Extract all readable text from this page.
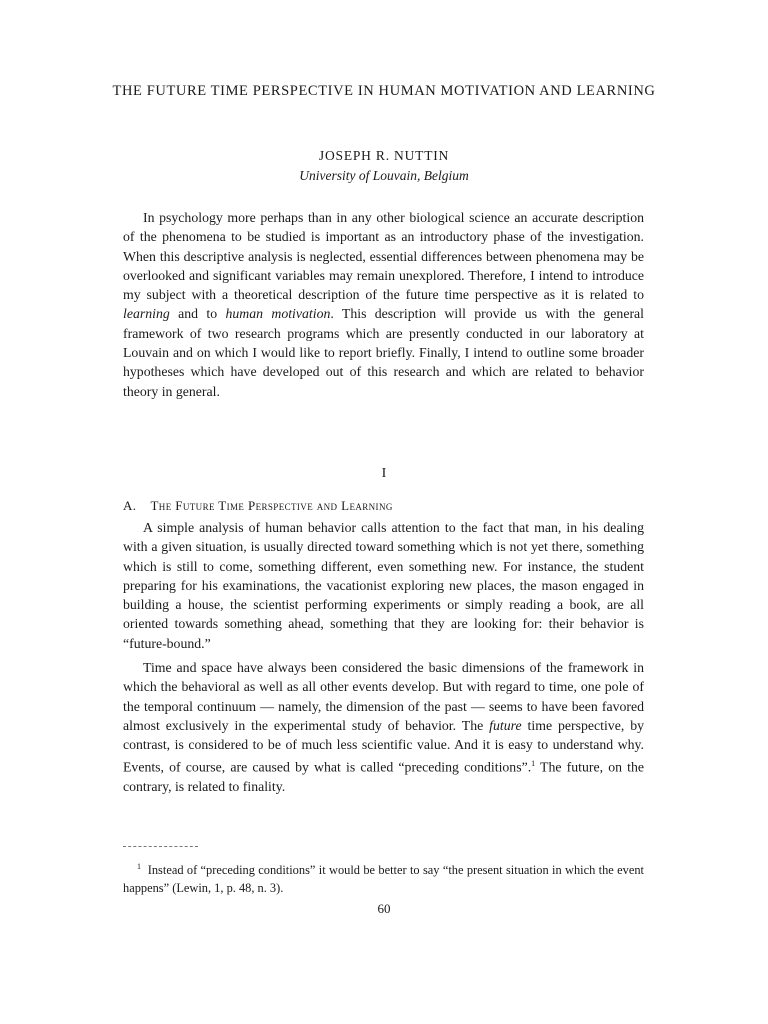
THE FUTURE TIME PERSPECTIVE IN HUMAN MOTIVATION AND LEARNING
JOSEPH R. NUTTIN
University of Louvain, Belgium

In psychology more perhaps than in any other biological science an accurate description of the phenomena to be studied is important as an introductory phase of the investigation. When this descriptive analysis is neglected, essential differences between phenomena may be overlooked and significant variables may remain unexplored. Therefore, I intend to introduce my subject with a theoretical description of the future time perspective as it is related to learning and to human motivation. This description will provide us with the general framework of two research programs which are presently conducted in our laboratory at Louvain and on which I would like to report briefly. Finally, I intend to outline some broader hypotheses which have developed out of this research and which are related to behavior theory in general.

I
A. The Future Time Perspective and Learning

A simple analysis of human behavior calls attention to the fact that man, in his dealing with a given situation, is usually directed toward something which is not yet there, something which is still to come, something different, even something new. For instance, the student preparing for his examinations, the vacationist exploring new places, the mason engaged in building a house, the scientist performing experiments or simply reading a book, are all oriented towards something ahead, something that they are looking for: their behavior is “future-bound.”

Time and space have always been considered the basic dimensions of the framework in which the behavioral as well as all other events develop. But with regard to time, one pole of the temporal continuum — namely, the dimension of the past — seems to have been favored almost exclusively in the experimental study of behavior. The future time perspective, by contrast, is considered to be of much less scientific value. And it is easy to understand why. Events, of course, are caused by what is called “preceding conditions”.$^1$ The future, on the contrary, is related to finality.

$^1$ Instead of “preceding conditions” it would be better to say “the present situation in which the event happens” (Lewin, 1, p. 48, n. 3).

60
